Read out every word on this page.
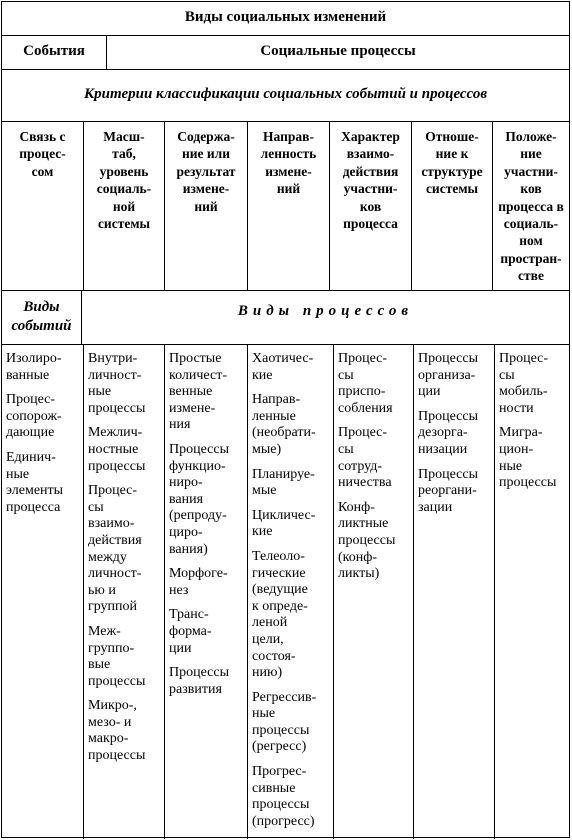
Виды социальных изменений
События	Социальные процессы
Критерии классификации социальных событий и процессов
Связь с
процес-
сом
Масш-
таб,
уровень
социаль-
ной
системы
Содержа-
ние или
результат
измене-
ний
Направ-
ленность
измене-
ний
Характер
взаимо-
действия
участни-
ков
процесса
Отноше-
ние к
структуре
системы
Положе-
ние
участни-
ков
процесса в
социаль-
ном
простран-
стве
Виды
событий
Виды процессов

Изолиро-
ванные

Процес-
сопорож-
дающие

Единич-
ные
элементы
процесса

Внутри-
личност-
ные
процессы

Межлич-
ностные
процессы

Процес-
сы
взаимо-
действия
между
личност-
ью и
группой

Меж-
группо-
вые
процессы

Микро-,
мезо- и
макро-
процессы

Простые
количест-
венные
измене-
ния

Процессы
функцио-
ниро-
вания
(репроду-
циро-
вания)

Морфоге-
нез

Транс-
форма-
ции

Процессы
развития

Хаотичес-
кие

Направ-
ленные
(необрати-
мые)

Планируе-
мые

Цикличес-
кие

Телеоло-
гические
(ведущие
к опреде-
леной
цели,
состоя-
нию)

Регрессив-
ные
процессы
(регресс)

Прогрес-
сивные
процессы
(прогресс)

Процес-
сы
приспо-
собления

Процес-
сы
сотруд-
ничества

Конф-
ликтные
процессы
(конф-
ликты)

Процессы
организа-
ции

Процессы
дезорга-
низации

Процессы
реоргани-
зации

Процес-
сы
мобиль-
ности

Мигра-
цион-
ные
процессы
